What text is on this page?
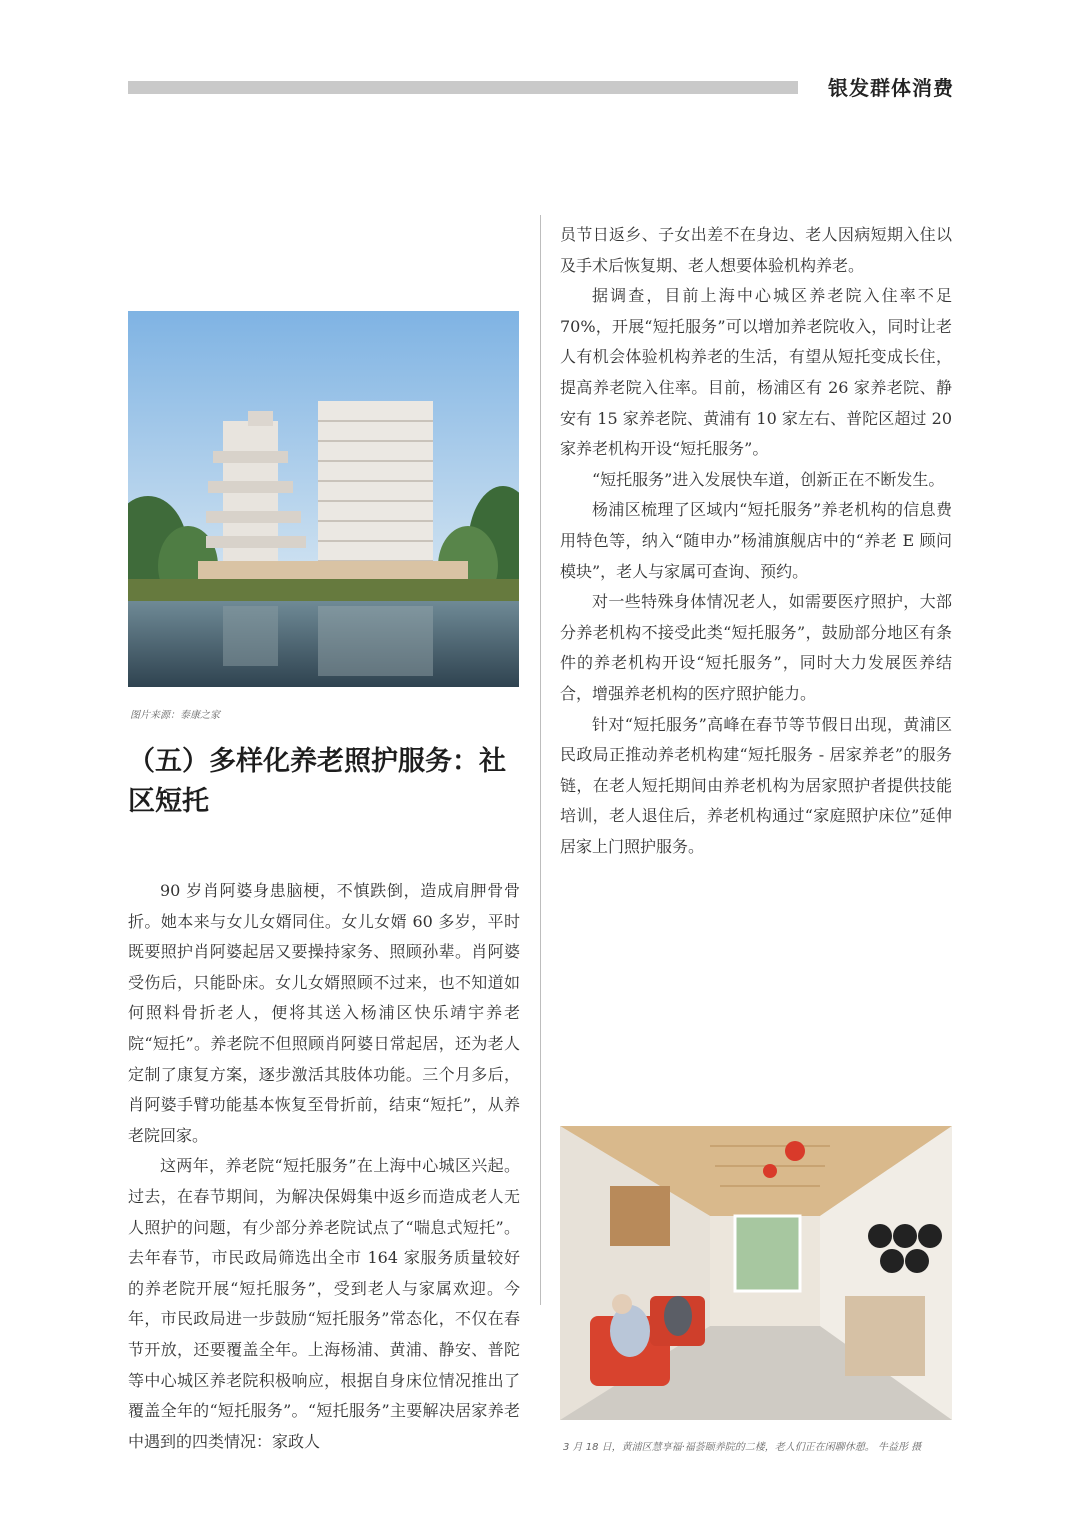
银发群体消费
图片来源：泰康之家
（五）多样化养老照护服务：社区短托

90 岁肖阿婆身患脑梗，不慎跌倒，造成肩胛骨骨折。她本来与女儿女婿同住。女儿女婿 60 多岁，平时既要照护肖阿婆起居又要操持家务、照顾孙辈。肖阿婆受伤后，只能卧床。女儿女婿照顾不过来，也不知道如何照料骨折老人，便将其送入杨浦区快乐靖宇养老院“短托”。养老院不但照顾肖阿婆日常起居，还为老人定制了康复方案，逐步激活其肢体功能。三个月多后，肖阿婆手臂功能基本恢复至骨折前，结束“短托”，从养老院回家。

这两年，养老院“短托服务”在上海中心城区兴起。过去，在春节期间，为解决保姆集中返乡而造成老人无人照护的问题，有少部分养老院试点了“喘息式短托”。去年春节，市民政局筛选出全市 164 家服务质量较好的养老院开展“短托服务”，受到老人与家属欢迎。今年，市民政局进一步鼓励“短托服务”常态化，不仅在春节开放，还要覆盖全年。上海杨浦、黄浦、静安、普陀等中心城区养老院积极响应，根据自身床位情况推出了覆盖全年的“短托服务”。“短托服务”主要解决居家养老中遇到的四类情况：家政人

员节日返乡、子女出差不在身边、老人因病短期入住以及手术后恢复期、老人想要体验机构养老。

据调查，目前上海中心城区养老院入住率不足 70%，开展“短托服务”可以增加养老院收入，同时让老人有机会体验机构养老的生活，有望从短托变成长住，提高养老院入住率。目前，杨浦区有 26 家养老院、静安有 15 家养老院、黄浦有 10 家左右、普陀区超过 20 家养老机构开设“短托服务”。

“短托服务”进入发展快车道，创新正在不断发生。

杨浦区梳理了区域内“短托服务”养老机构的信息费用特色等，纳入“随申办”杨浦旗舰店中的“养老 E 顾问模块”，老人与家属可查询、预约。

对一些特殊身体情况老人，如需要医疗照护，大部分养老机构不接受此类“短托服务”，鼓励部分地区有条件的养老机构开设“短托服务”，同时大力发展医养结合，增强养老机构的医疗照护能力。

针对“短托服务”高峰在春节等节假日出现，黄浦区民政局正推动养老机构建“短托服务 - 居家养老”的服务链，在老人短托期间由养老机构为居家照护者提供技能培训，老人退住后，养老机构通过“家庭照护床位”延伸居家上门照护服务。

3 月 18 日，黄浦区慧享福·福荟颐养院的二楼，老人们正在闲聊休憩。 牛益彤 摄
